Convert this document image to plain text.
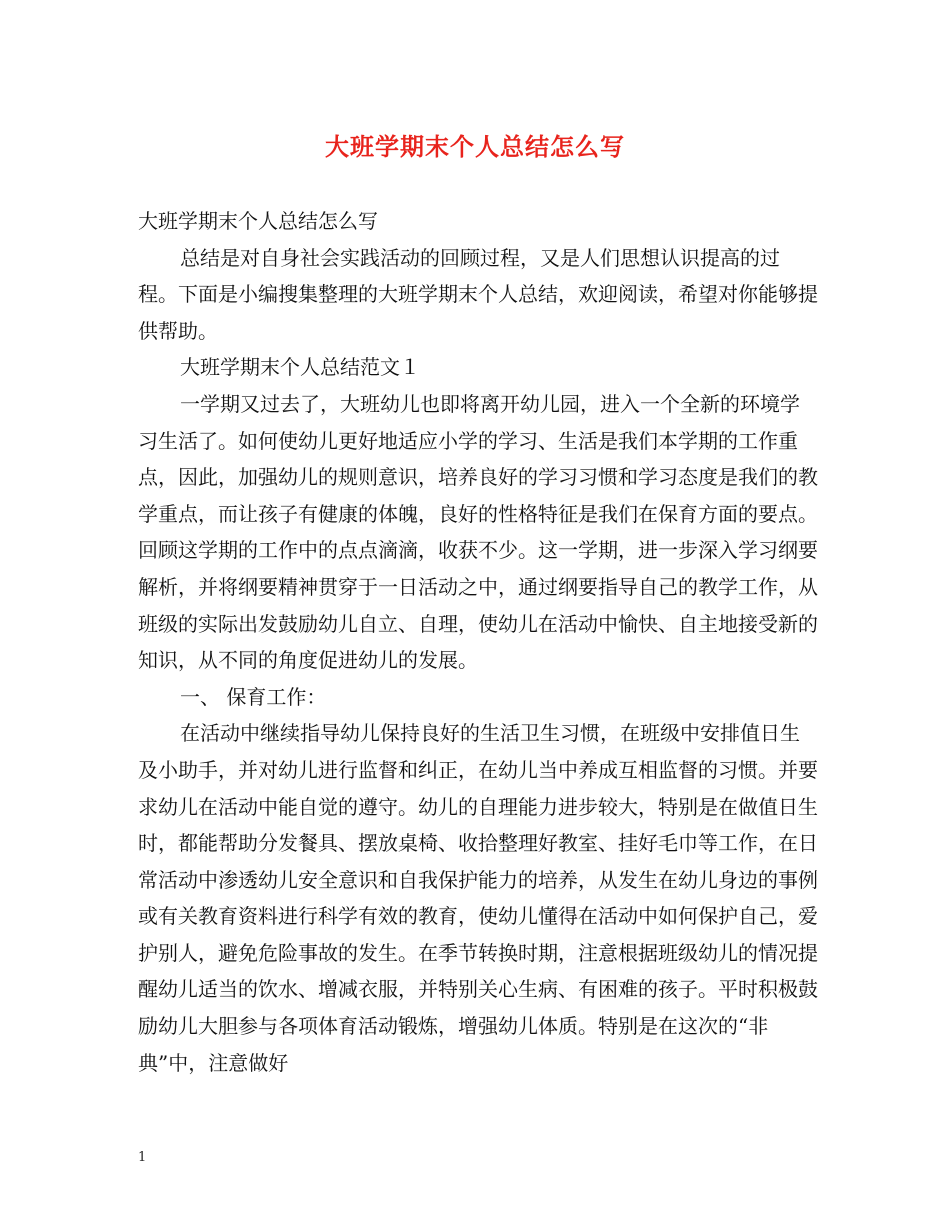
大班学期末个人总结怎么写

大班学期末个人总结怎么写

总结是对自身社会实践活动的回顾过程，又是人们思想认识提高的过程。下面是小编搜集整理的大班学期末个人总结，欢迎阅读，希望对你能够提供帮助。

大班学期末个人总结范文１

一学期又过去了，大班幼儿也即将离开幼儿园，进入一个全新的环境学习生活了。如何使幼儿更好地适应小学的学习、生活是我们本学期的工作重点，因此，加强幼儿的规则意识，培养良好的学习习惯和学习态度是我们的教学重点，而让孩子有健康的体魄，良好的性格特征是我们在保育方面的要点。回顾这学期的工作中的点点滴滴，收获不少。这一学期，进一步深入学习纲要解析，并将纲要精神贯穿于一日活动之中，通过纲要指导自己的教学工作，从班级的实际出发鼓励幼儿自立、自理，使幼儿在活动中愉快、自主地接受新的知识，从不同的角度促进幼儿的发展。

一、 保育工作：

在活动中继续指导幼儿保持良好的生活卫生习惯，在班级中安排值日生及小助手，并对幼儿进行监督和纠正，在幼儿当中养成互相监督的习惯。并要求幼儿在活动中能自觉的遵守。幼儿的自理能力进步较大，特别是在做值日生时，都能帮助分发餐具、摆放桌椅、收拾整理好教室、挂好毛巾等工作，在日常活动中渗透幼儿安全意识和自我保护能力的培养，从发生在幼儿身边的事例或有关教育资料进行科学有效的教育，使幼儿懂得在活动中如何保护自己，爱护别人，避免危险事故的发生。在季节转换时期，注意根据班级幼儿的情况提醒幼儿适当的饮水、增减衣服，并特别关心生病、有困难的孩子。平时积极鼓励幼儿大胆参与各项体育活动锻炼，增强幼儿体质。特别是在这次的“非典”中，注意做好

1
